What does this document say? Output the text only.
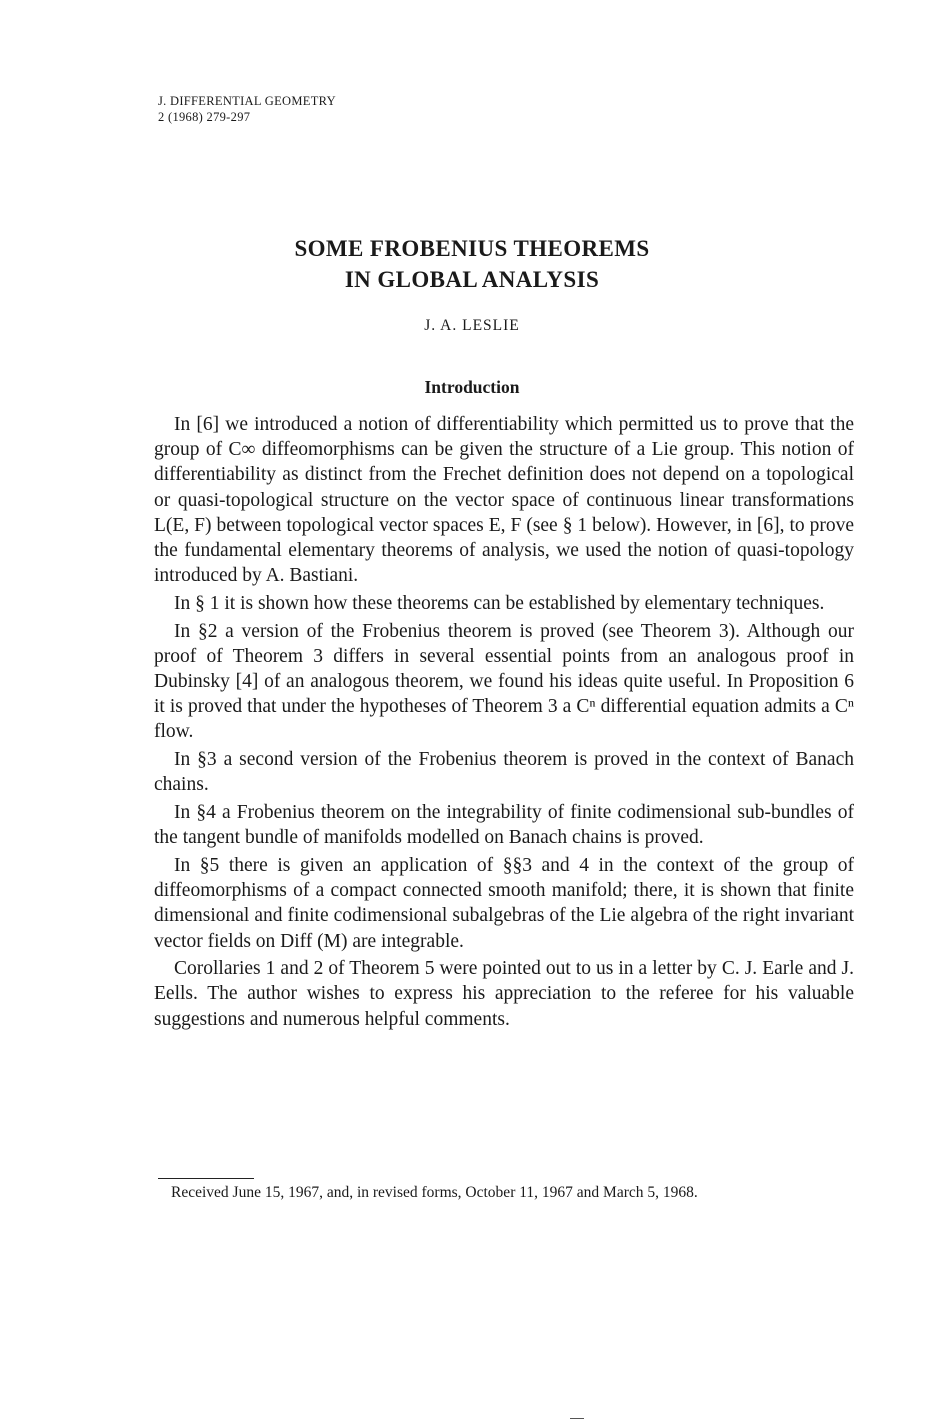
J. DIFFERENTIAL GEOMETRY
2 (1968) 279-297
SOME FROBENIUS THEOREMS
IN GLOBAL ANALYSIS
J. A. LESLIE
Introduction

In [6] we introduced a notion of differentiability which permitted us to prove that the group of C∞ diffeomorphisms can be given the structure of a Lie group. This notion of differentiability as distinct from the Frechet definition does not depend on a topological or quasi-topological structure on the vector space of continuous linear transformations L(E, F) between topological vector spaces E, F (see § 1 below). However, in [6], to prove the fundamental elementary theorems of analysis, we used the notion of quasi-topology introduced by A. Bastiani.

In § 1 it is shown how these theorems can be established by elementary techniques.

In §2 a version of the Frobenius theorem is proved (see Theorem 3). Although our proof of Theorem 3 differs in several essential points from an analogous proof in Dubinsky [4] of an analogous theorem, we found his ideas quite useful. In Proposition 6 it is proved that under the hypotheses of Theorem 3 a Cⁿ differential equation admits a Cⁿ flow.

In §3 a second version of the Frobenius theorem is proved in the context of Banach chains.

In §4 a Frobenius theorem on the integrability of finite codimensional sub-bundles of the tangent bundle of manifolds modelled on Banach chains is proved.

In §5 there is given an application of §§3 and 4 in the context of the group of diffeomorphisms of a compact connected smooth manifold; there, it is shown that finite dimensional and finite codimensional subalgebras of the Lie algebra of the right invariant vector fields on Diff (M) are integrable.

Corollaries 1 and 2 of Theorem 5 were pointed out to us in a letter by C. J. Earle and J. Eells. The author wishes to express his appreciation to the referee for his valuable suggestions and numerous helpful comments.

Received June 15, 1967, and, in revised forms, October 11, 1967 and March 5, 1968.
